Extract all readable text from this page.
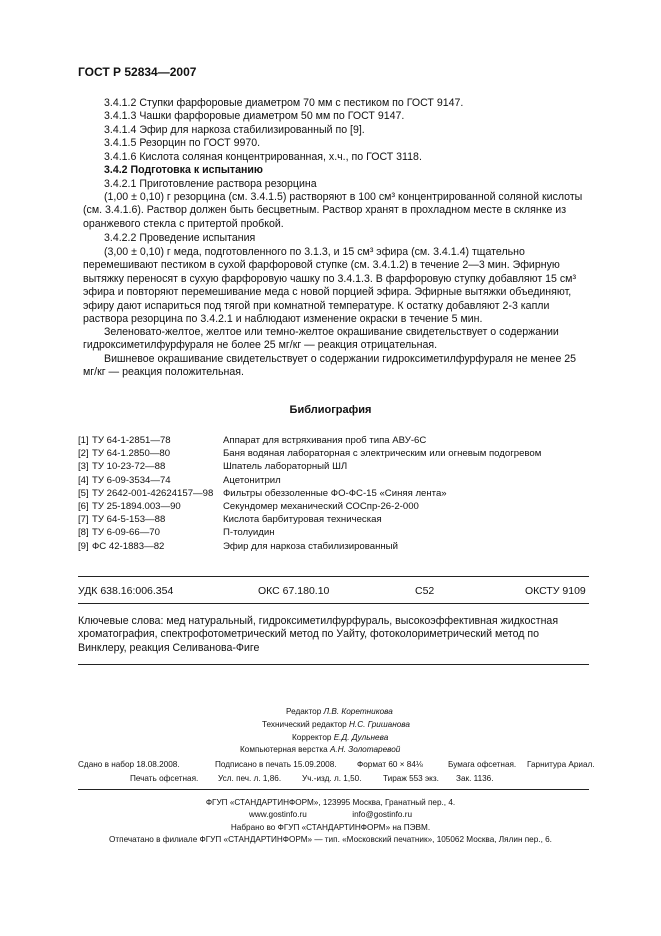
ГОСТ Р 52834—2007
3.4.1.2 Ступки фарфоровые диаметром 70 мм с пестиком по ГОСТ 9147.
3.4.1.3 Чашки фарфоровые диаметром 50 мм по ГОСТ 9147.
3.4.1.4 Эфир для наркоза стабилизированный по [9].
3.4.1.5 Резорцин по ГОСТ 9970.
3.4.1.6 Кислота соляная концентрированная, х.ч., по ГОСТ 3118.
3.4.2 Подготовка к испытанию
3.4.2.1 Приготовление раствора резорцина
(1,00 ± 0,10) г резорцина (см. 3.4.1.5) растворяют в 100 см³ концентрированной соляной кислоты (см. 3.4.1.6). Раствор должен быть бесцветным. Раствор хранят в прохладном месте в склянке из оранжевого стекла с притертой пробкой.
3.4.2.2 Проведение испытания
(3,00 ± 0,10) г меда, подготовленного по 3.1.3, и 15 см³ эфира (см. 3.4.1.4) тщательно перемешивают пестиком в сухой фарфоровой ступке (см. 3.4.1.2) в течение 2—3 мин. Эфирную вытяжку переносят в сухую фарфоровую чашку по 3.4.1.3. В фарфоровую ступку добавляют 15 см³ эфира и повторяют перемешивание меда с новой порцией эфира. Эфирные вытяжки объединяют, эфиру дают испариться под тягой при комнатной температуре. К остатку добавляют 2-3 капли раствора резорцина по 3.4.2.1 и наблюдают изменение окраски в течение 5 мин.
Зеленовато-желтое, желтое или темно-желтое окрашивание свидетельствует о содержании гидроксиметилфурфураля не более 25 мг/кг — реакция отрицательная.
Вишневое окрашивание свидетельствует о содержании гидроксиметилфурфураля не менее 25 мг/кг — реакция положительная.
Библиография
[1] ТУ 64-1-2851—78	Аппарат для встряхивания проб типа АВУ-6С
[2] ТУ 64-1.2850—80	Баня водяная лабораторная с электрическим или огневым подогревом
[3] ТУ 10-23-72—88	Шпатель лабораторный ШЛ
[4] ТУ 6-09-3534—74	Ацетонитрил
[5] ТУ 2642-001-42624157—98	Фильтры обеззоленные ФО-ФС-15 «Синяя лента»
[6] ТУ 25-1894.003—90	Секундомер механический СОСпр-26-2-000
[7] ТУ 64-5-153—88	Кислота барбитуровая техническая
[8] ТУ 6-09-66—70	П-толуидин
[9] ФС 42-1883—82	Эфир для наркоза стабилизированный
УДК 638.16:006.354	ОКС 67.180.10	С52	ОКСТУ 9109
Ключевые слова: мед натуральный, гидроксиметилфурфураль, высокоэффективная жидкостная хроматография, спектрофотометрический метод по Уайту, фотоколориметрический метод по Винклеру, реакция Селиванова-Фиге
Редактор Л.В. Коретникова
Технический редактор Н.С. Гришанова
Корректор Е.Д. Дульнева
Компьютерная верстка А.Н. Золотаревой
Сдано в набор 18.08.2008.	Подписано в печать 15.09.2008. Формат 60 × 84⅛	Бумага офсетная. Гарнитура Ариал.
Печать офсетная. Усл. печ. л. 1,86.	Уч.-изд. л. 1,50.	Тираж 553 экз. Зак. 1136.
ФГУП «СТАНДАРТИНФОРМ», 123995 Москва, Гранатный пер., 4.
www.gostinfo.ru                    info@gostinfo.ru
Набрано во ФГУП «СТАНДАРТИНФОРМ» на ПЭВМ.
Отпечатано в филиале ФГУП «СТАНДАРТИНФОРМ» — тип. «Московский печатник», 105062 Москва, Лялин пер., 6.
